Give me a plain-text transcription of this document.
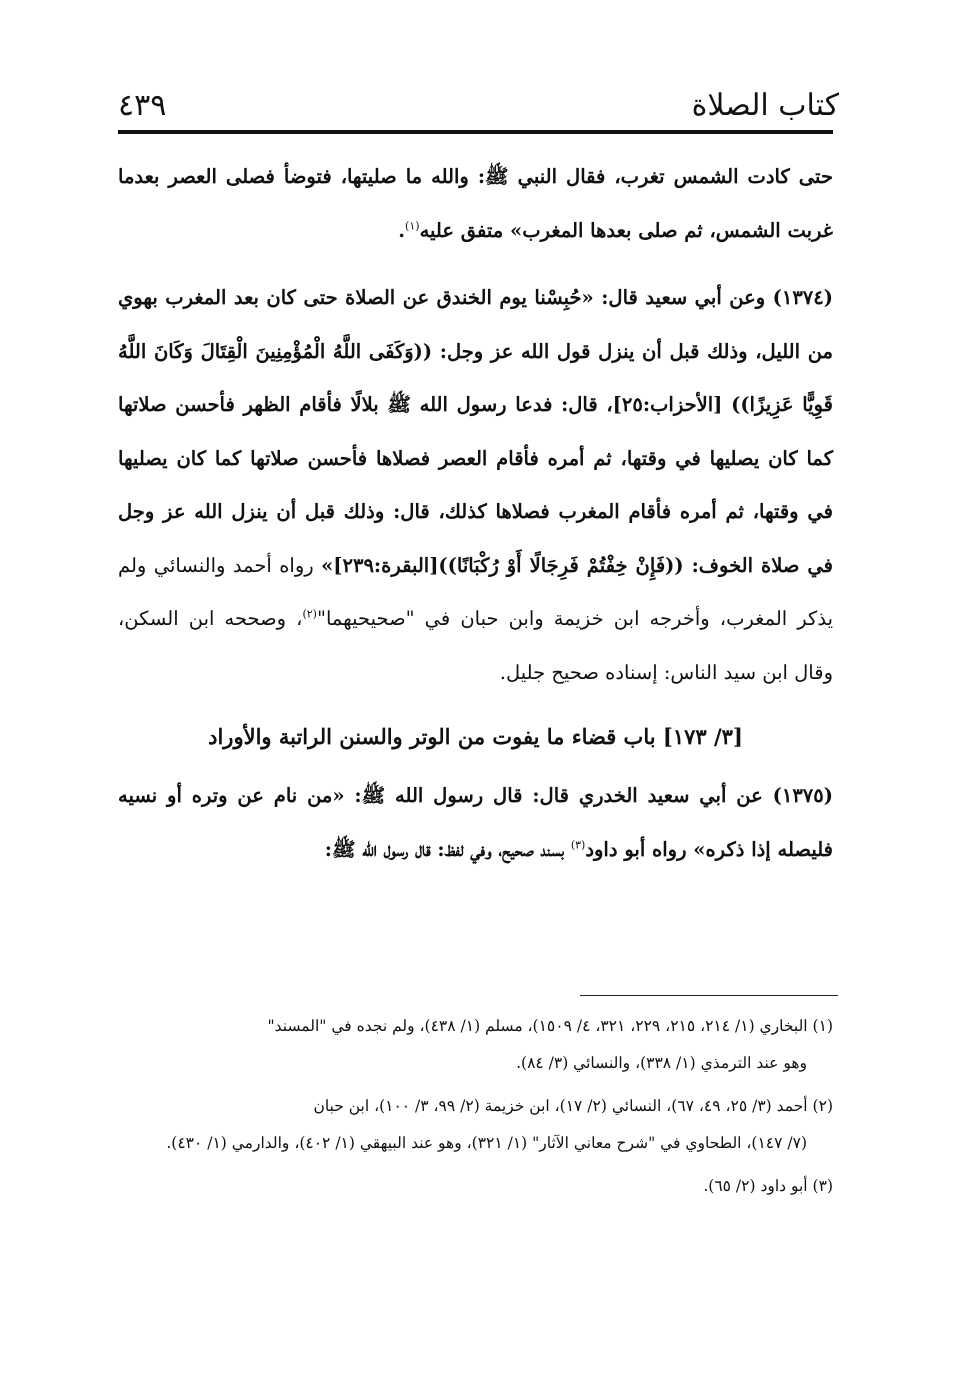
كتاب الصلاة
٤٣٩

حتى كادت الشمس تغرب، فقال النبي ﷺ: والله ما صليتها، فتوضأ فصلى العصر بعدما غربت الشمس، ثم صلى بعدها المغرب» متفق عليه$^{(١)}$.

(١٣٧٤) وعن أبي سعيد قال: «حُبِسْنا يوم الخندق عن الصلاة حتى كان بعد المغرب بهوي من الليل، وذلك قبل أن ينزل قول الله عز وجل: ((وَكَفَى اللَّهُ الْمُؤْمِنِينَ الْقِتَالَ وَكَانَ اللَّهُ قَوِيًّا عَزِيزًا)) [الأحزاب:٢٥]، قال: فدعا رسول الله ﷺ بلالًا فأقام الظهر فأحسن صلاتها كما كان يصليها في وقتها، ثم أمره فأقام العصر فصلاها فأحسن صلاتها كما كان يصليها في وقتها، ثم أمره فأقام المغرب فصلاها كذلك، قال: وذلك قبل أن ينزل الله عز وجل في صلاة الخوف: ((فَإِنْ خِفْتُمْ فَرِجَالًا أَوْ رُكْبَانًا))[البقرة:٢٣٩]» رواه أحمد والنسائي ولم يذكر المغرب، وأخرجه ابن خزيمة وابن حبان في "صحيحيهما"$^{(٢)}$، وصححه ابن السكن، وقال ابن سيد الناس: إسناده صحيح جليل.

[٣/ ١٧٣] باب قضاء ما يفوت من الوتر والسنن الراتبة والأوراد

(١٣٧٥) عن أبي سعيد الخدري قال: قال رسول الله ﷺ: «من نام عن وتره أو نسيه فليصله إذا ذكره» رواه أبو داود$^{(٣)}$ بسند صحيح، وفي لفظ: قال رسول الله ﷺ:

(١) البخاري (١/ ٢١٤، ٢١٥، ٢٢٩، ٣٢١، ٤/ ١٥٠٩)، مسلم (١/ ٤٣٨)، ولم نجده في "المسند"
وهو عند الترمذي (١/ ٣٣٨)، والنسائي (٣/ ٨٤).
(٢) أحمد (٣/ ٢٥، ٤٩، ٦٧)، النسائي (٢/ ١٧)، ابن خزيمة (٢/ ٩٩، ٣/ ١٠٠)، ابن حبان
(٧/ ١٤٧)، الطحاوي في "شرح معاني الآثار" (١/ ٣٢١)، وهو عند البيهقي (١/ ٤٠٢)، والدارمي (١/ ٤٣٠).
(٣) أبو داود (٢/ ٦٥).
